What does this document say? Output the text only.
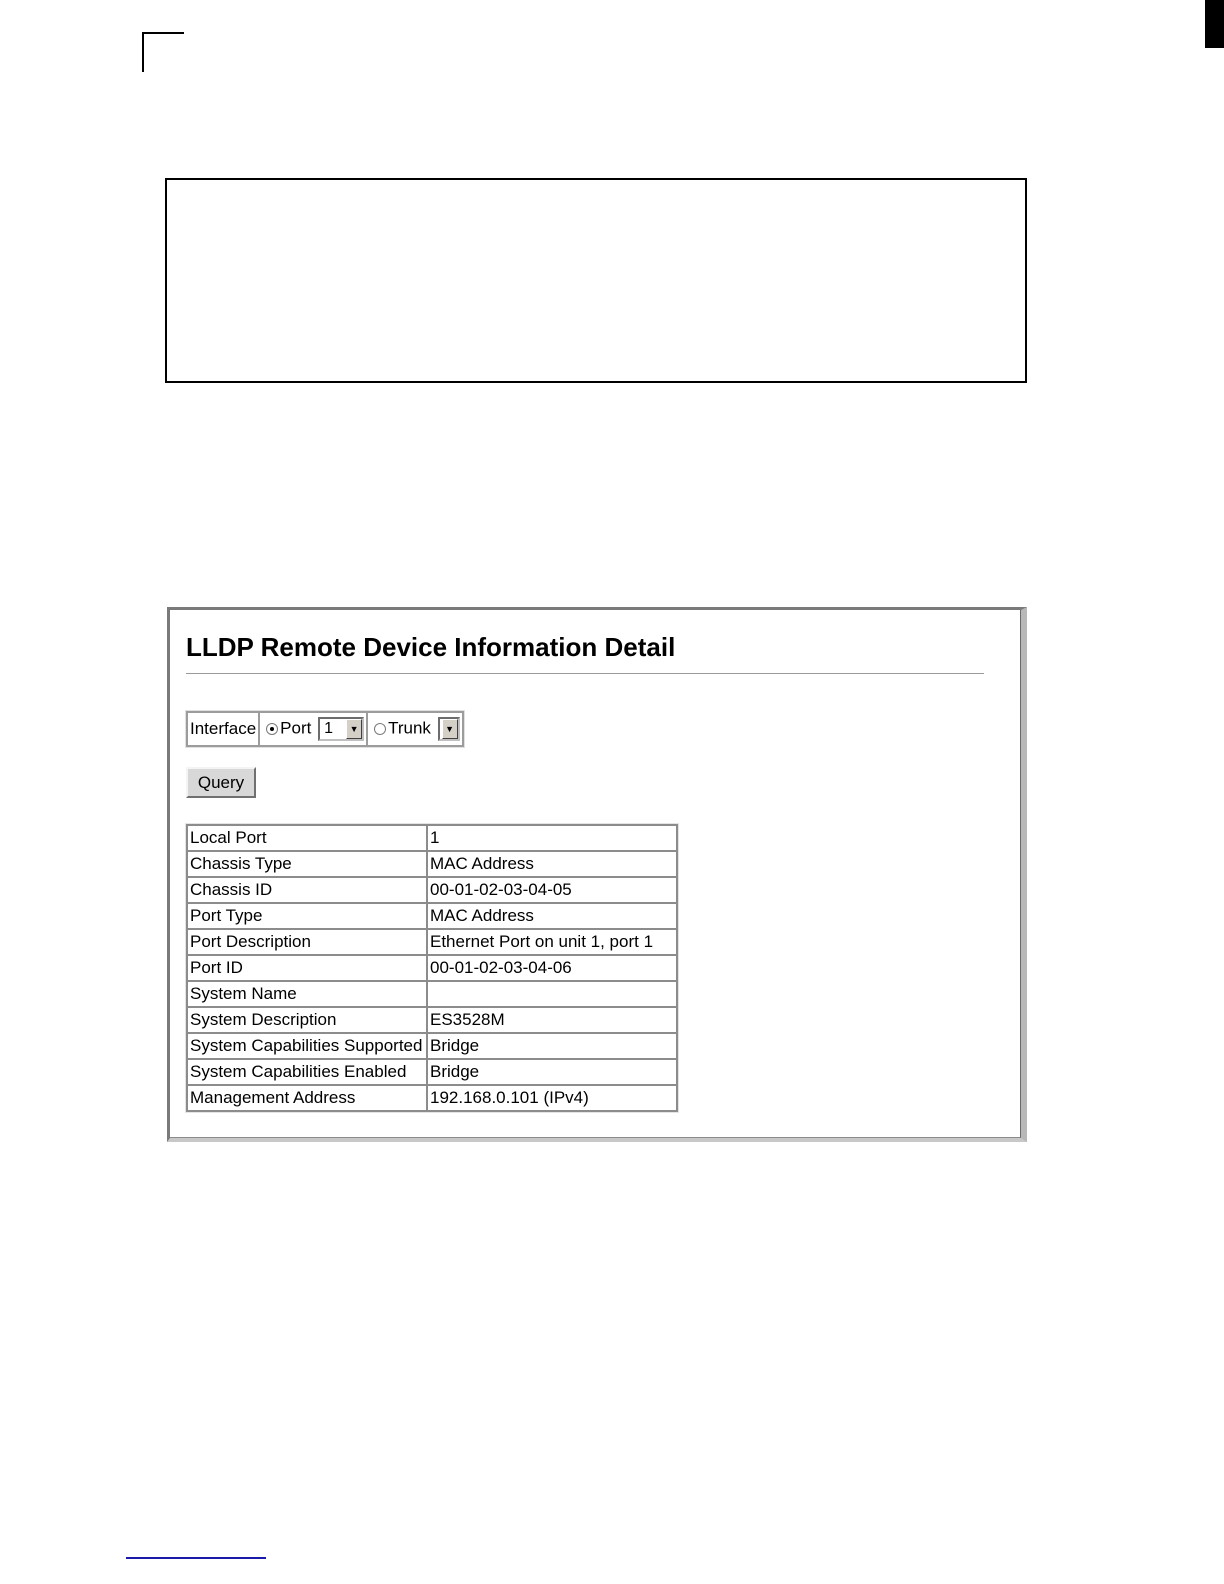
LLDP Remote Device Information Detail
Interface	Port 1	▼	Trunk	▼
Query
Local Port	1
Chassis Type	MAC Address
Chassis ID	00-01-02-03-04-05
Port Type	MAC Address
Port Description	Ethernet Port on unit 1, port 1
Port ID	00-01-02-03-04-06
System Name	
System Description	ES3528M
System Capabilities Supported	Bridge
System Capabilities Enabled	Bridge
Management Address	192.168.0.101 (IPv4)
